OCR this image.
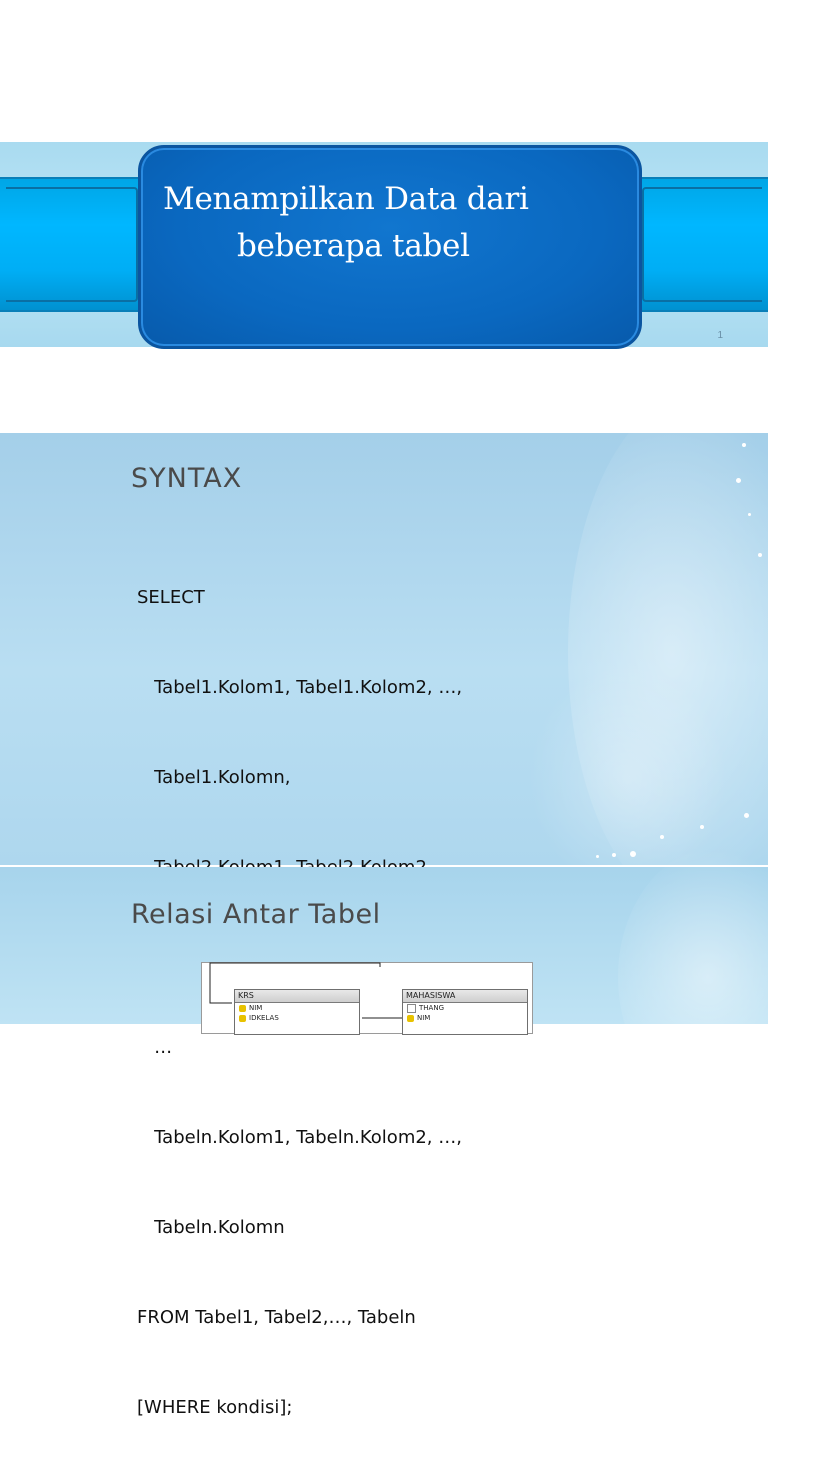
Menampilkan Data dari
beberapa tabel
1
SYNTAX

SELECT

Tabel1.Kolom1, Tabel1.Kolom2, …,

Tabel1.Kolomn,

…

Tabeln.Kolom1, Tabeln.Kolom2, …,

Tabeln.Kolomn

FROM Tabel1, Tabel2,…, Tabeln

[WHERE kondisi];

Relasi Antar Tabel
KRS
NIM
IDKELAS
MAHASISWA
THANG
NIM
